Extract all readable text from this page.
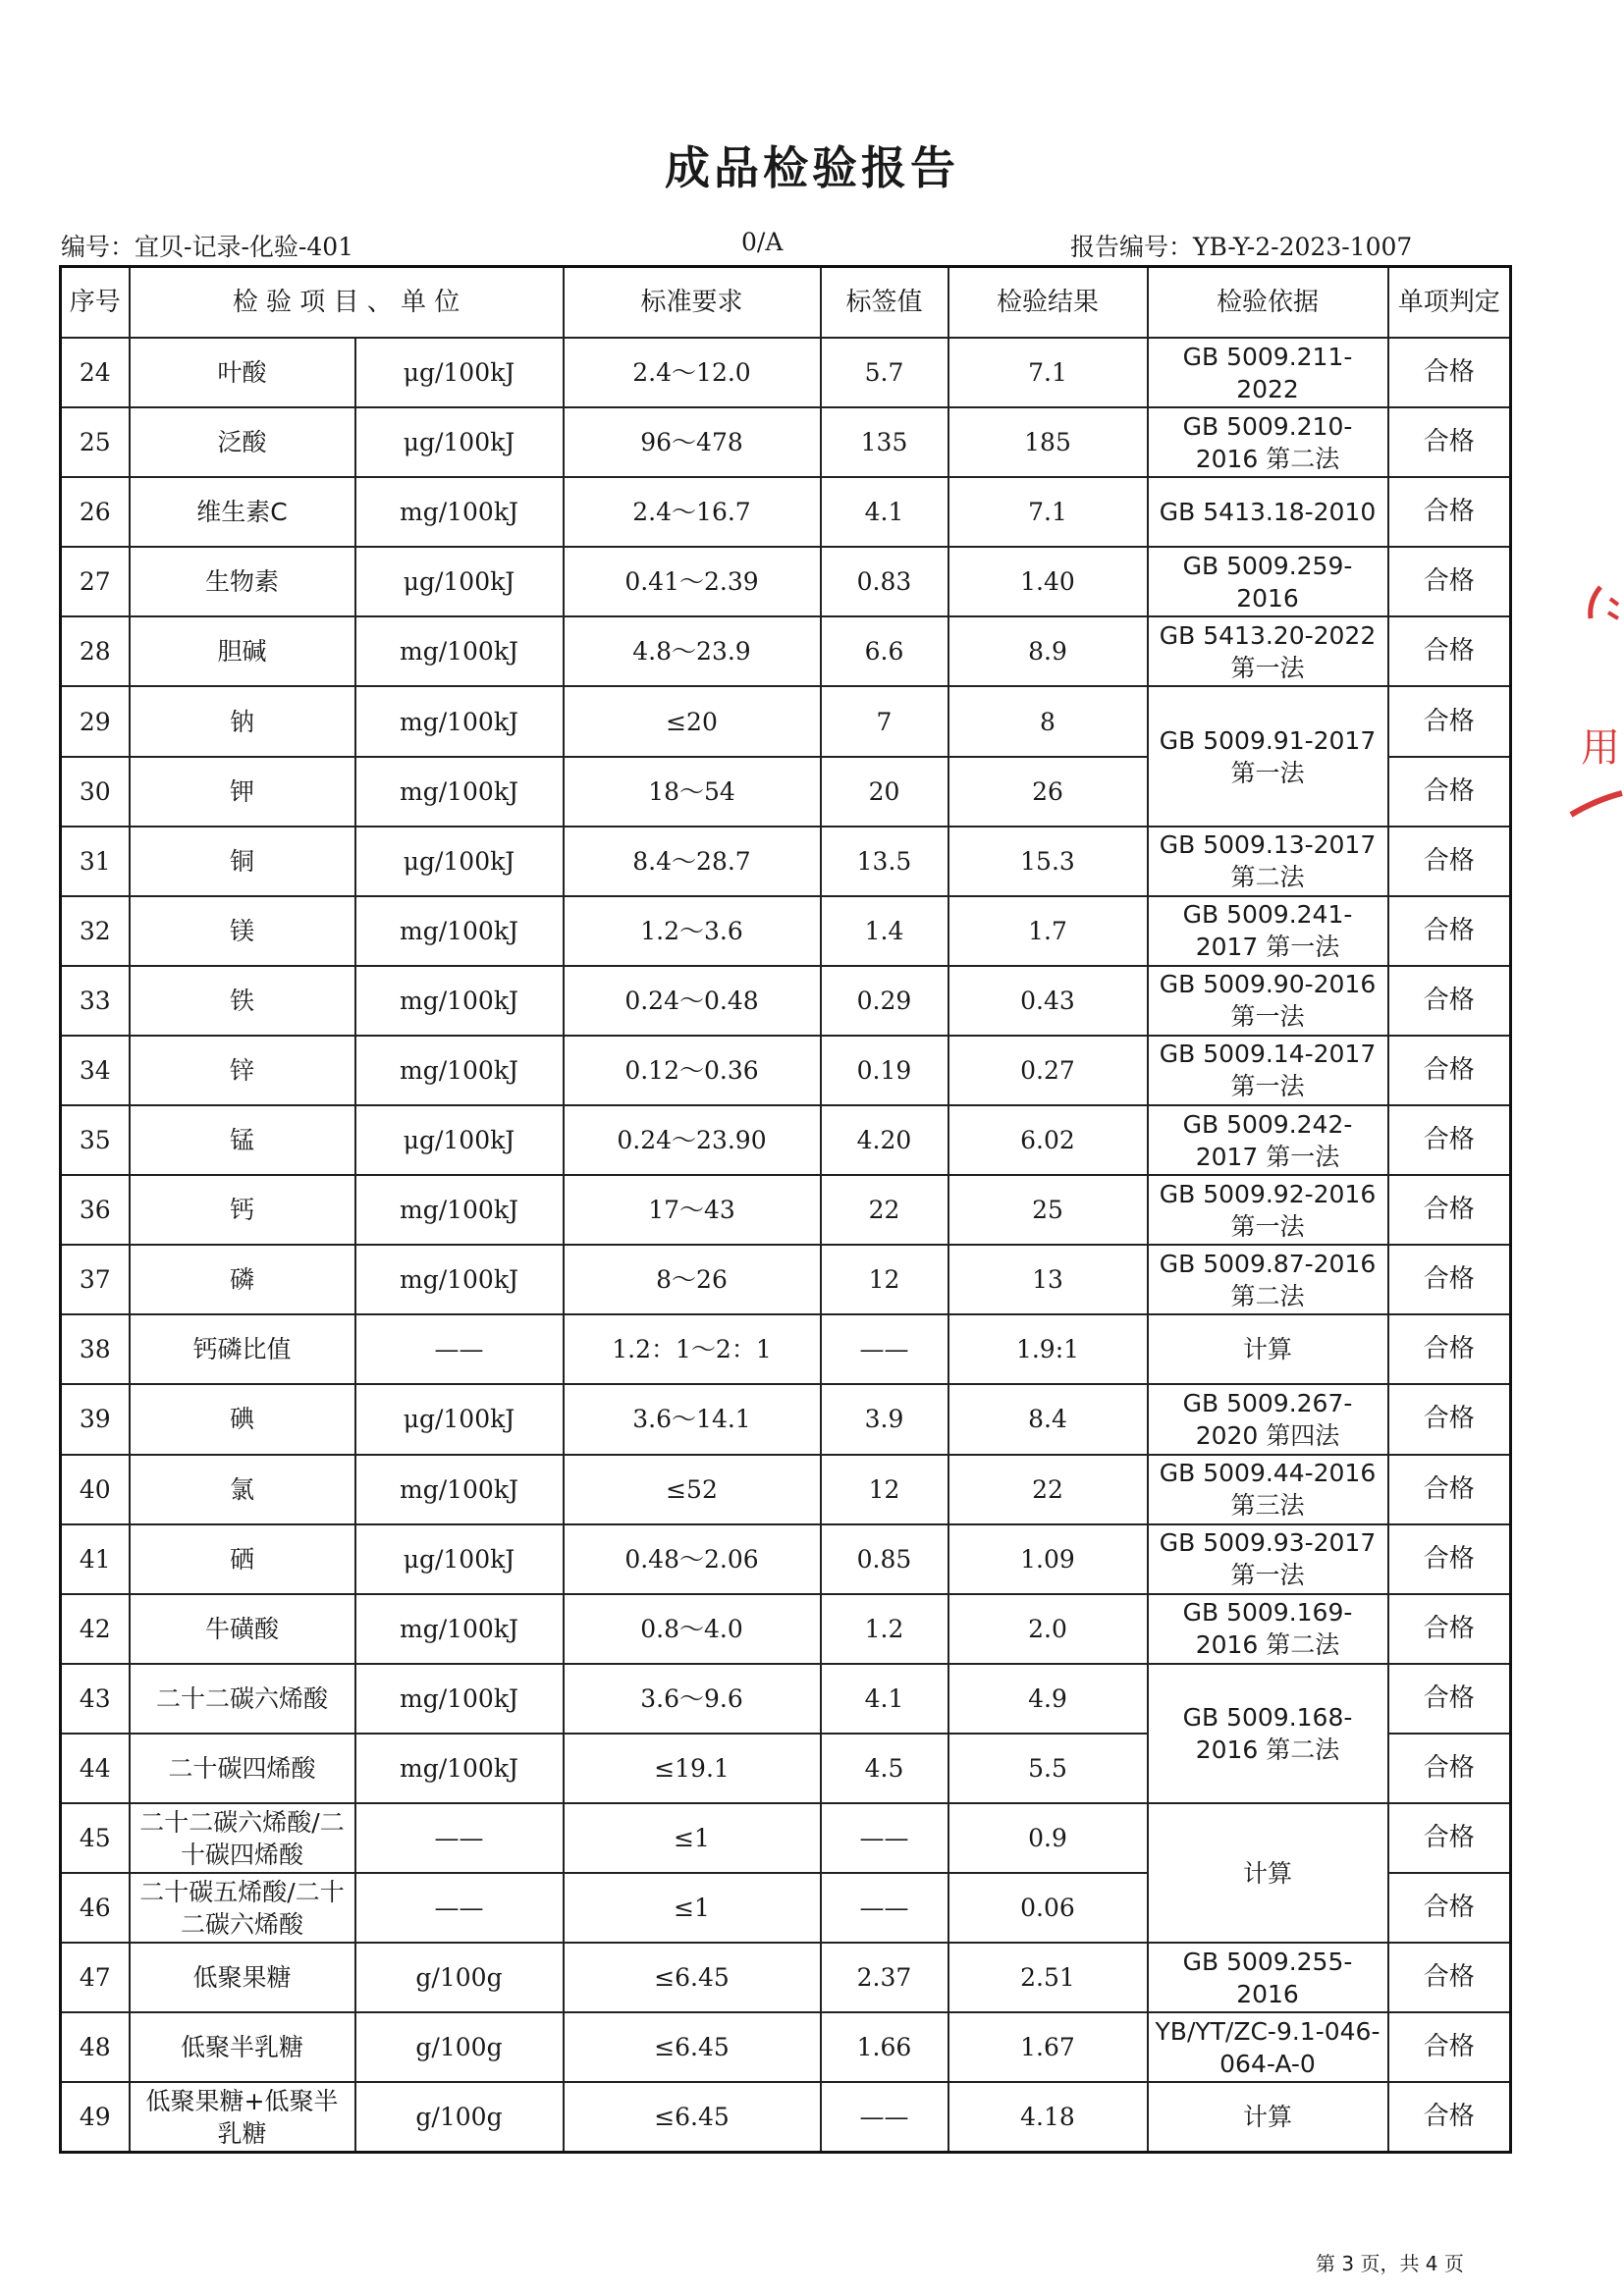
成品检验报告
编号：宜贝-记录-化验-401	0/A	报告编号：YB-Y-2-2023-1007
序号	检 验 项 目 、 单 位		标准要求	标签值	检验结果	检验依据	单项判定
24	叶酸	μg/100kJ	2.4～12.0	5.7	7.1	GB 5009.211-2022	合格
25	泛酸	μg/100kJ	96～478	135	185	GB 5009.210-2016 第二法	合格
26	维生素C	mg/100kJ	2.4～16.7	4.1	7.1	GB 5413.18-2010	合格
27	生物素	μg/100kJ	0.41～2.39	0.83	1.40	GB 5009.259-2016	合格
28	胆碱	mg/100kJ	4.8～23.9	6.6	8.9	GB 5413.20-2022 第一法	合格
29	钠	mg/100kJ	≤20	7	8	GB 5009.91-2017 第一法	合格
30	钾	mg/100kJ	18～54	20	26		合格
31	铜	μg/100kJ	8.4～28.7	13.5	15.3	GB 5009.13-2017 第二法	合格
32	镁	mg/100kJ	1.2～3.6	1.4	1.7	GB 5009.241-2017 第一法	合格
33	铁	mg/100kJ	0.24～0.48	0.29	0.43	GB 5009.90-2016 第一法	合格
34	锌	mg/100kJ	0.12～0.36	0.19	0.27	GB 5009.14-2017 第一法	合格
35	锰	μg/100kJ	0.24～23.90	4.20	6.02	GB 5009.242-2017 第一法	合格
36	钙	mg/100kJ	17～43	22	25	GB 5009.92-2016 第一法	合格
37	磷	mg/100kJ	8～26	12	13	GB 5009.87-2016 第二法	合格
38	钙磷比值	——	1.2：1～2：1	——	1.9:1	计算	合格
39	碘	μg/100kJ	3.6～14.1	3.9	8.4	GB 5009.267-2020 第四法	合格
40	氯	mg/100kJ	≤52	12	22	GB 5009.44-2016 第三法	合格
41	硒	μg/100kJ	0.48～2.06	0.85	1.09	GB 5009.93-2017 第一法	合格
42	牛磺酸	mg/100kJ	0.8～4.0	1.2	2.0	GB 5009.169-2016 第二法	合格
43	二十二碳六烯酸	mg/100kJ	3.6～9.6	4.1	4.9	GB 5009.168-2016 第二法	合格
44	二十碳四烯酸	mg/100kJ	≤19.1	4.5	5.5		合格
45	二十二碳六烯酸/二十碳四烯酸	——	≤1	——	0.9	计算	合格
46	二十碳五烯酸/二十二碳六烯酸	——	≤1	——	0.06		合格
47	低聚果糖	g/100g	≤6.45	2.37	2.51	GB 5009.255-2016	合格
48	低聚半乳糖	g/100g	≤6.45	1.66	1.67	YB/YT/ZC-9.1-046-064-A-0	合格
49	低聚果糖+低聚半乳糖	g/100g	≤6.45	——	4.18	计算	合格
第 3 页，共 4 页
用
